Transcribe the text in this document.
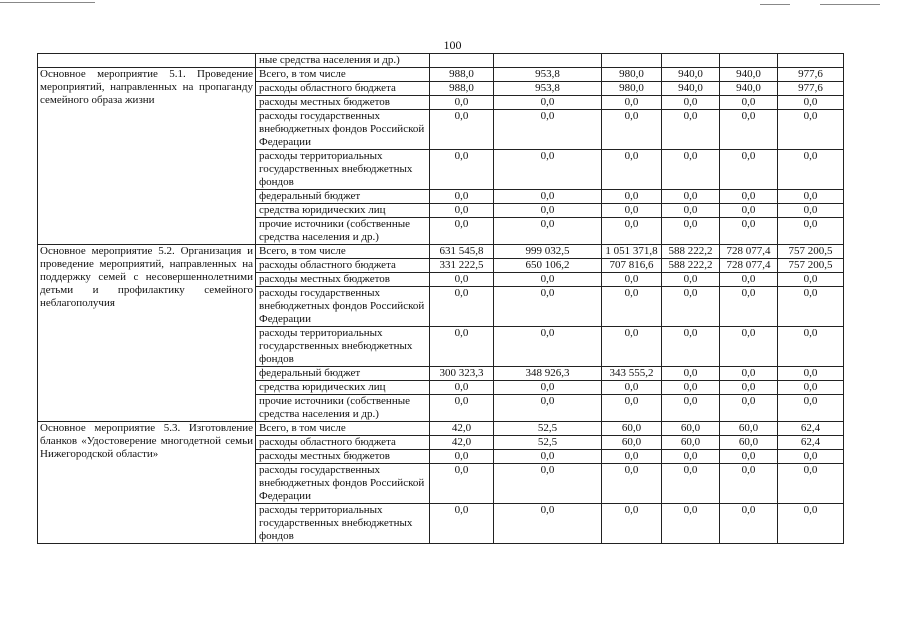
100
	ные средства населения и др.)						
Основное мероприятие 5.1. Проведение мероприятий, направленных на пропаганду семейного образа жизни	Всего, в том числе	988,0	953,8	980,0	940,0	940,0	977,6
	расходы областного бюджета	988,0	953,8	980,0	940,0	940,0	977,6
	расходы местных бюджетов	0,0	0,0	0,0	0,0	0,0	0,0
	расходы государственных внебюджетных фондов Российской Федерации	0,0	0,0	0,0	0,0	0,0	0,0
	расходы территориальных государственных внебюджетных фондов	0,0	0,0	0,0	0,0	0,0	0,0
	федеральный бюджет	0,0	0,0	0,0	0,0	0,0	0,0
	средства юридических лиц	0,0	0,0	0,0	0,0	0,0	0,0
	прочие источники (собственные средства населения и др.)	0,0	0,0	0,0	0,0	0,0	0,0
Основное мероприятие 5.2. Организация и проведение мероприятий, направленных на поддержку семей с несовершеннолетними детьми и профилактику семейного неблагополучия	Всего, в том числе	631 545,8	999 032,5	1 051 371,8	588 222,2	728 077,4	757 200,5
	расходы областного бюджета	331 222,5	650 106,2	707 816,6	588 222,2	728 077,4	757 200,5
	расходы местных бюджетов	0,0	0,0	0,0	0,0	0,0	0,0
	расходы государственных внебюджетных фондов Российской Федерации	0,0	0,0	0,0	0,0	0,0	0,0
	расходы территориальных государственных внебюджетных фондов	0,0	0,0	0,0	0,0	0,0	0,0
	федеральный бюджет	300 323,3	348 926,3	343 555,2	0,0	0,0	0,0
	средства юридических лиц	0,0	0,0	0,0	0,0	0,0	0,0
	прочие источники (собственные средства населения и др.)	0,0	0,0	0,0	0,0	0,0	0,0
Основное мероприятие 5.3. Изготовление бланков «Удостоверение многодетной семьи Нижегородской области»	Всего, в том числе	42,0	52,5	60,0	60,0	60,0	62,4
	расходы областного бюджета	42,0	52,5	60,0	60,0	60,0	62,4
	расходы местных бюджетов	0,0	0,0	0,0	0,0	0,0	0,0
	расходы государственных внебюджетных фондов Российской Федерации	0,0	0,0	0,0	0,0	0,0	0,0
	расходы территориальных государственных внебюджетных фондов	0,0	0,0	0,0	0,0	0,0	0,0
